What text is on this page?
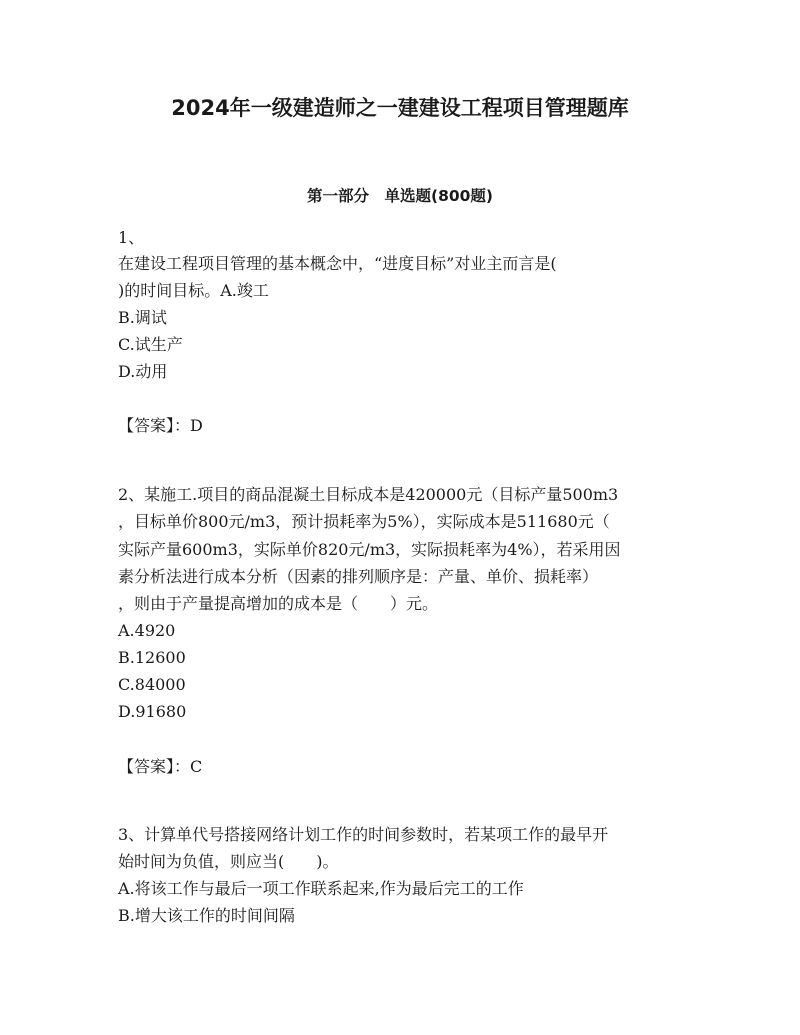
2024年一级建造师之一建建设工程项目管理题库
第一部分　单选题(800题)
1、
在建设工程项目管理的基本概念中，“进度目标”对业主而言是(
)的时间目标。A.竣工
B.调试
C.试生产
D.动用
【答案】：D
2、某施工.项目的商品混凝土目标成本是420000元（目标产量500m3
，目标单价800元/m3，预计损耗率为5%），实际成本是511680元（
实际产量600m3，实际单价820元/m3，实际损耗率为4%），若采用因
素分析法进行成本分析（因素的排列顺序是：产量、单价、损耗率）
，则由于产量提高增加的成本是（　　）元。
A.4920
B.12600
C.84000
D.91680
【答案】：C
3、计算单代号搭接网络计划工作的时间参数时，若某项工作的最早开
始时间为负值，则应当(　　)。
A.将该工作与最后一项工作联系起来,作为最后完工的工作
B.增大该工作的时间间隔
